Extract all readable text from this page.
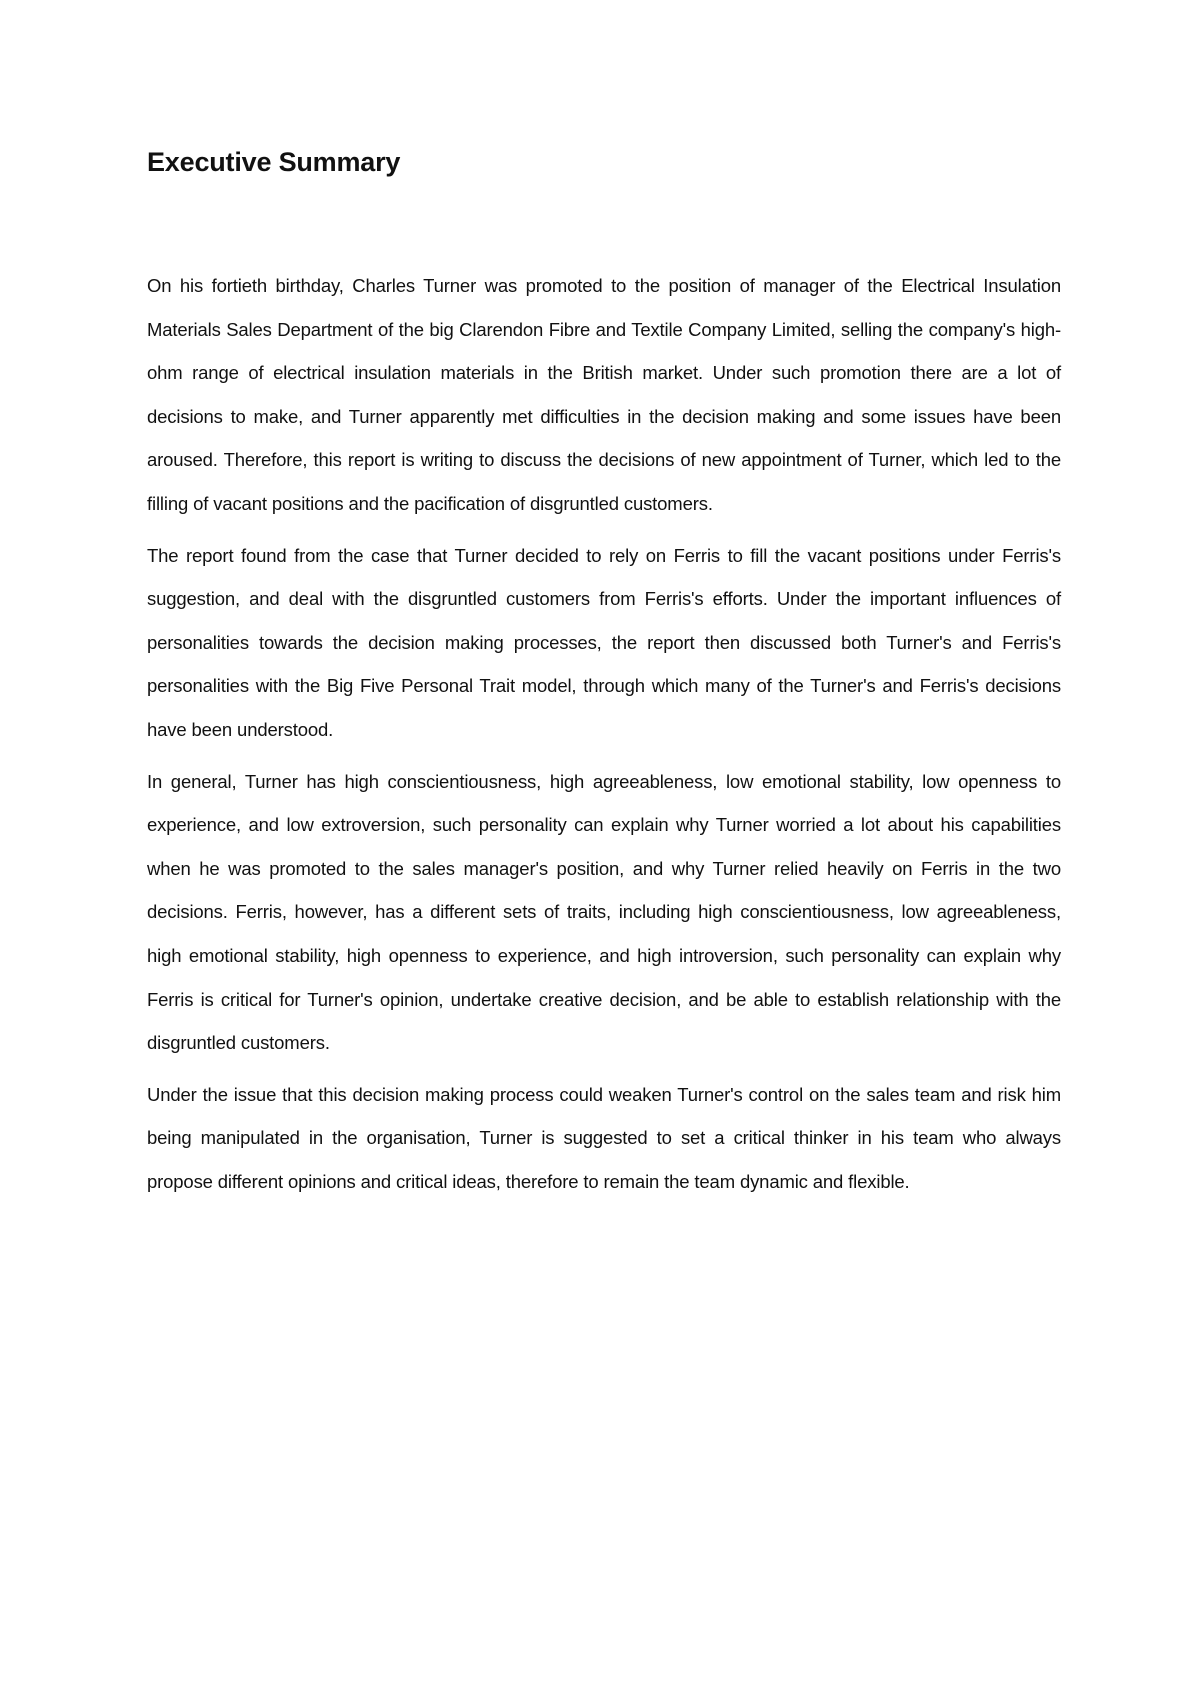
Executive Summary

On his fortieth birthday, Charles Turner was promoted to the position of manager of the Electrical Insulation Materials Sales Department of the big Clarendon Fibre and Textile Company Limited, selling the company's high-ohm range of electrical insulation materials in the British market. Under such promotion there are a lot of decisions to make, and Turner apparently met difficulties in the decision making and some issues have been aroused. Therefore, this report is writing to discuss the decisions of new appointment of Turner, which led to the filling of vacant positions and the pacification of disgruntled customers.

The report found from the case that Turner decided to rely on Ferris to fill the vacant positions under Ferris's suggestion, and deal with the disgruntled customers from Ferris's efforts. Under the important influences of personalities towards the decision making processes, the report then discussed both Turner's and Ferris's personalities with the Big Five Personal Trait model, through which many of the Turner's and Ferris's decisions have been understood.

In general, Turner has high conscientiousness, high agreeableness, low emotional stability, low openness to experience, and low extroversion, such personality can explain why Turner worried a lot about his capabilities when he was promoted to the sales manager's position, and why Turner relied heavily on Ferris in the two decisions. Ferris, however, has a different sets of traits, including high conscientiousness, low agreeableness, high emotional stability, high openness to experience, and high introversion, such personality can explain why Ferris is critical for Turner's opinion, undertake creative decision, and be able to establish relationship with the disgruntled customers.

Under the issue that this decision making process could weaken Turner's control on the sales team and risk him being manipulated in the organisation, Turner is suggested to set a critical thinker in his team who always propose different opinions and critical ideas, therefore to remain the team dynamic and flexible.
